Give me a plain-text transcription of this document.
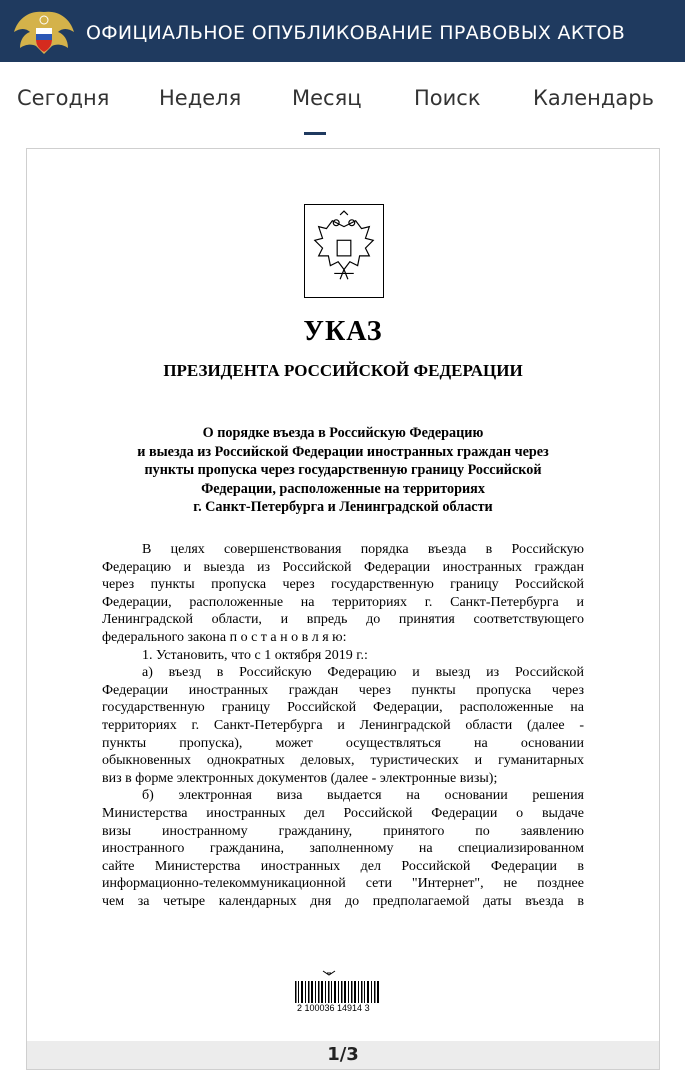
ОФИЦИАЛЬНОЕ ОПУБЛИКОВАНИЕ ПРАВОВЫХ АКТОВ
Сегодня Неделя Месяц Поиск Календарь
УКАЗ
ПРЕЗИДЕНТА РОССИЙСКОЙ ФЕДЕРАЦИИ
О порядке въезда в Российскую Федерацию
и выезда из Российской Федерации иностранных граждан через
пункты пропуска через государственную границу Российской
Федерации, расположенные на территориях
г. Санкт-Петербурга и Ленинградской области
В целях совершенствования порядка въезда в Российскую
Федерацию и выезда из Российской Федерации иностранных граждан
через пункты пропуска через государственную границу Российской
Федерации, расположенные на территориях г. Санкт-Петербурга и
Ленинградской области, и впредь до принятия соответствующего
федерального закона п о с т а н о в л я ю:
1. Установить, что с 1 октября 2019 г.:
а) въезд в Российскую Федерацию и выезд из Российской
Федерации иностранных граждан через пункты пропуска через
государственную границу Российской Федерации, расположенные на
территориях г. Санкт-Петербурга и Ленинградской области (далее -
пункты пропуска), может осуществляться на основании
обыкновенных однократных деловых, туристических и гуманитарных
виз в форме электронных документов (далее - электронные визы);
б) электронная виза выдается на основании решения
Министерства иностранных дел Российской Федерации о выдаче
визы иностранному гражданину, принятого по заявлению
иностранного гражданина, заполненному на специализированном
сайте Министерства иностранных дел Российской Федерации в
информационно-телекоммуникационной сети "Интернет", не позднее
чем за четыре календарных дня до предполагаемой даты въезда в
2 100036 14914 3
1/3
